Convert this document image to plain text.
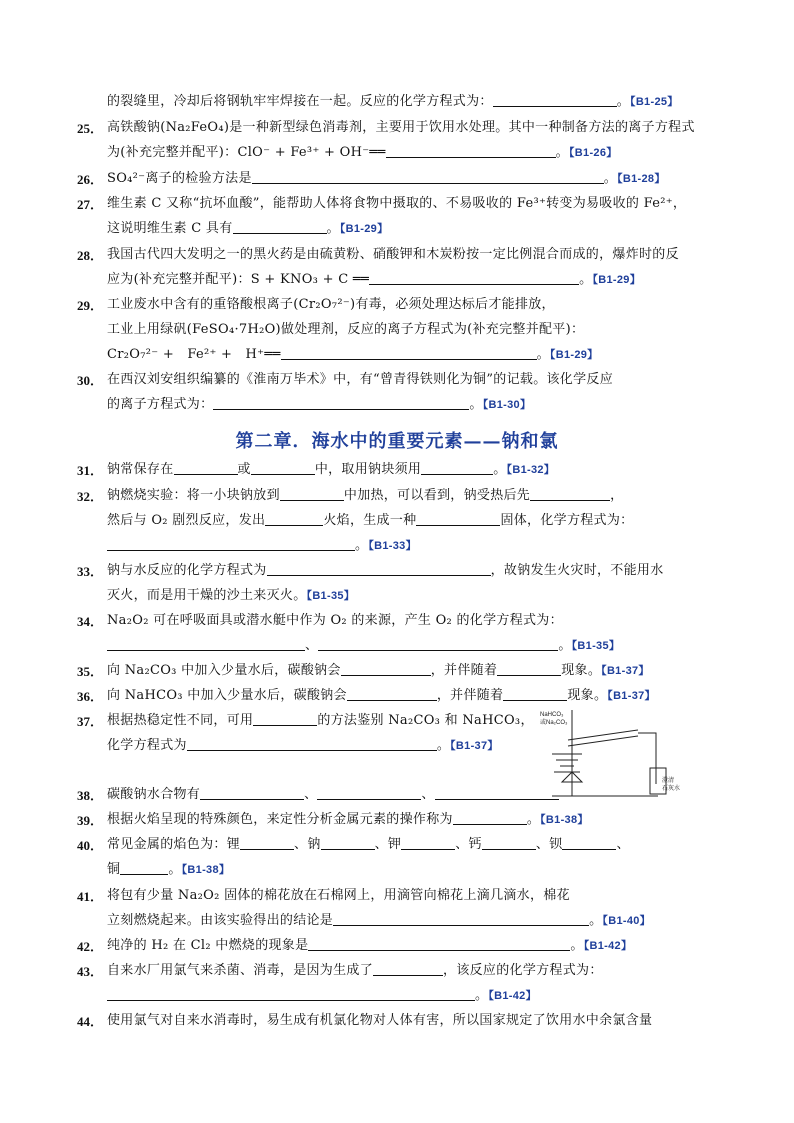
的裂缝里，冷却后将钢轨牢牢焊接在一起。反应的化学方程式为：	。【B1-25】
25． 高铁酸钠(Na₂FeO₄)是一种新型绿色消毒剂，主要用于饮用水处理。其中一种制备方法的离子方程式
为(补充完整并配平)：ClO⁻ + Fe³⁺ + OH⁻══	。【B1-26】
26． SO₄²⁻离子的检验方法是	。【B1-28】
27． 维生素 C 又称“抗坏血酸”，能帮助人体将食物中摄取的、不易吸收的 Fe³⁺转变为易吸收的 Fe²⁺，
这说明维生素 C 具有	。【B1-29】
28． 我国古代四大发明之一的黑火药是由硫黄粉、硝酸钾和木炭粉按一定比例混合而成的，爆炸时的反
应为(补充完整并配平)：S + KNO₃ + C ══	。【B1-29】
29． 工业废水中含有的重铬酸根离子(Cr₂O₇²⁻)有毒，必须处理达标后才能排放，
工业上用绿矾(FeSO₄·7H₂O)做处理剂，反应的离子方程式为(补充完整并配平)：
Cr₂O₇²⁻ +　Fe²⁺ +　H⁺══	。【B1-29】
30． 在西汉刘安组织编纂的《淮南万毕术》中，有“曾青得铁则化为铜”的记载。该化学反应
的离子方程式为：	。【B1-30】
第二章．海水中的重要元素——钠和氯
31． 钠常保存在	或	中，取用钠块须用	。【B1-32】
32． 钠燃烧实验：将一小块钠放到	中加热，可以看到，钠受热后先	，
然后与 O₂ 剧烈反应，发出	火焰，生成一种	固体，化学方程式为：
。【B1-33】
33． 钠与水反应的化学方程式为	，故钠发生火灾时，不能用水
灭火，而是用干燥的沙土来灭火。【B1-35】
34． Na₂O₂ 可在呼吸面具或潜水艇中作为 O₂ 的来源，产生 O₂ 的化学方程式为：
、	。【B1-35】
35． 向 Na₂CO₃ 中加入少量水后，碳酸钠会	，并伴随着	现象。【B1-37】
36． 向 NaHCO₃ 中加入少量水后，碳酸钠会	，并伴随着	现象。【B1-37】
37． 根据热稳定性不同，可用	的方法鉴别 Na₂CO₃ 和 NaHCO₃，
化学方程式为	。【B1-37】
NaHCO₃
或Na₂CO₃
澄清
石灰水
38． 碳酸钠水合物有	、	、
39． 根据火焰呈现的特殊颜色，来定性分析金属元素的操作称为	。【B1-38】
40． 常见金属的焰色为：锂	、钠	、钾	、钙	、钡	、
铜	。【B1-38】
41． 将包有少量 Na₂O₂ 固体的棉花放在石棉网上，用滴管向棉花上滴几滴水，棉花
立刻燃烧起来。由该实验得出的结论是	。【B1-40】
42． 纯净的 H₂ 在 Cl₂ 中燃烧的现象是	。【B1-42】
43． 自来水厂用氯气来杀菌、消毒，是因为生成了	，该反应的化学方程式为：
。【B1-42】
44． 使用氯气对自来水消毒时，易生成有机氯化物对人体有害，所以国家规定了饮用水中余氯含量
